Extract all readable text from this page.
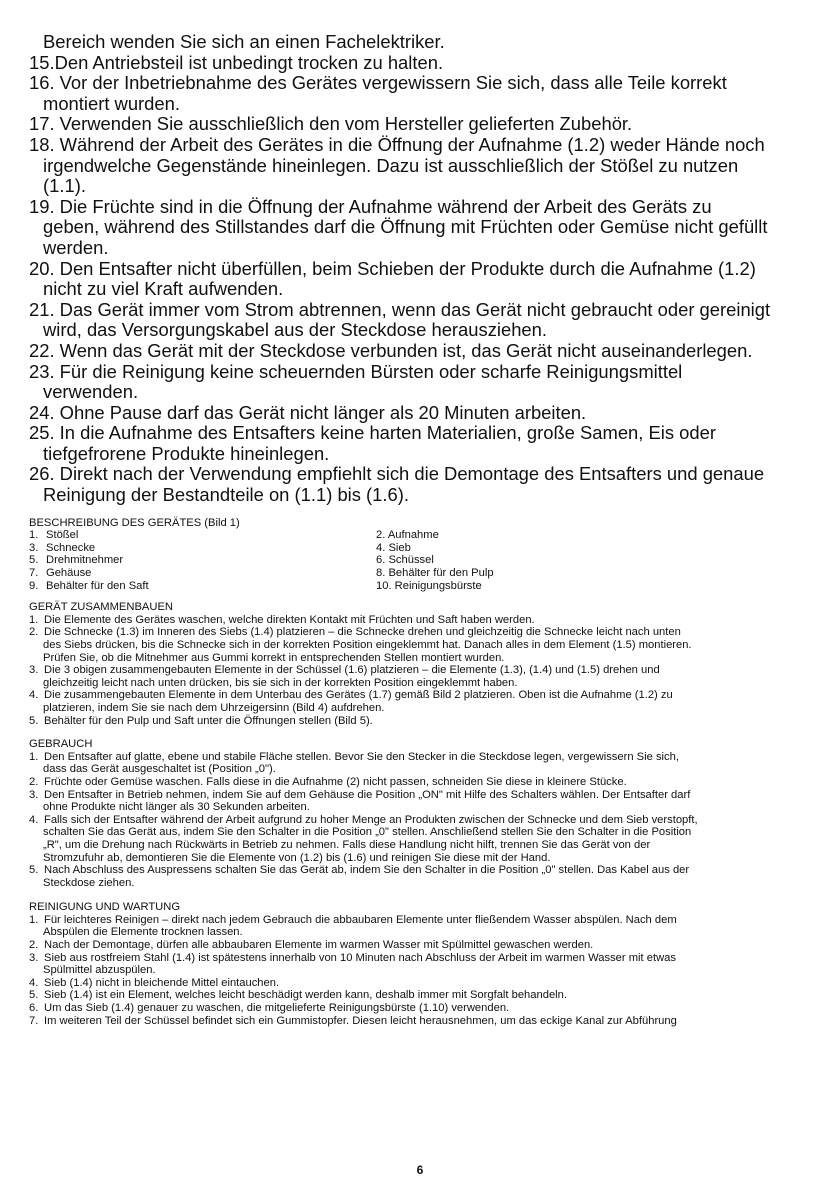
Bereich wenden Sie sich an einen Fachelektriker.

15.Den Antriebsteil ist unbedingt trocken zu halten.

16. Vor der Inbetriebnahme des Gerätes vergewissern Sie sich, dass alle Teile korrekt

montiert wurden.

17. Verwenden Sie ausschließlich den vom Hersteller gelieferten Zubehör.

18. Während der Arbeit des Gerätes in die Öffnung der Aufnahme (1.2) weder Hände noch

irgendwelche Gegenstände hineinlegen. Dazu ist ausschließlich der Stößel zu nutzen

(1.1).

19. Die Früchte sind in die Öffnung der Aufnahme während der Arbeit des Geräts zu

geben, während des Stillstandes darf die Öffnung mit Früchten oder Gemüse nicht gefüllt

werden.

20. Den Entsafter nicht überfüllen, beim Schieben der Produkte durch die Aufnahme (1.2)

nicht zu viel Kraft aufwenden.

21. Das Gerät immer vom Strom abtrennen, wenn das Gerät nicht gebraucht oder gereinigt

wird, das Versorgungskabel aus der Steckdose herausziehen.

22. Wenn das Gerät mit der Steckdose verbunden ist, das Gerät nicht auseinanderlegen.

23. Für die Reinigung keine scheuernden Bürsten oder scharfe Reinigungsmittel

verwenden.

24. Ohne Pause darf das Gerät nicht länger als 20 Minuten arbeiten.

25. In die Aufnahme des Entsafters keine harten Materialien, große Samen, Eis oder

tiefgefrorene Produkte hineinlegen.

26. Direkt nach der Verwendung empfiehlt sich die Demontage des Entsafters und genaue

Reinigung der Bestandteile on (1.1) bis (1.6).

BESCHREIBUNG DES GERÄTES (Bild 1)

1. Stößel	2. Aufnahme
3. Schnecke	4. Sieb
5. Drehmitnehmer	6. Schüssel
7. Gehäuse	8. Behälter für den Pulp
9. Behälter für den Saft	10. Reinigungsbürste

GERÄT ZUSAMMENBAUEN

1. Die Elemente des Gerätes waschen, welche direkten Kontakt mit Früchten und Saft haben werden.
2. Die Schnecke (1.3) im Inneren des Siebs (1.4) platzieren – die Schnecke drehen und gleichzeitig die Schnecke leicht nach unten

des Siebs drücken, bis die Schnecke sich in der korrekten Position eingeklemmt hat. Danach alles in dem Element (1.5) montieren.

Prüfen Sie, ob die Mitnehmer aus Gummi korrekt in entsprechenden Stellen montiert wurden.

3. Die 3 obigen zusammengebauten Elemente in der Schüssel (1.6) platzieren – die Elemente (1.3), (1.4) und (1.5) drehen und

gleichzeitig leicht nach unten drücken, bis sie sich in der korrekten Position eingeklemmt haben.

4. Die zusammengebauten Elemente in dem Unterbau des Gerätes (1.7) gemäß Bild 2 platzieren. Oben ist die Aufnahme (1.2) zu

platzieren, indem Sie sie nach dem Uhrzeigersinn (Bild 4) aufdrehen.

5. Behälter für den Pulp und Saft unter die Öffnungen stellen (Bild 5).

GEBRAUCH

1. Den Entsafter auf glatte, ebene und stabile Fläche stellen. Bevor Sie den Stecker in die Steckdose legen, vergewissern Sie sich,

dass das Gerät ausgeschaltet ist (Position „0").

2. Früchte oder Gemüse waschen. Falls diese in die Aufnahme (2) nicht passen, schneiden Sie diese in kleinere Stücke.
3. Den Entsafter in Betrieb nehmen, indem Sie auf dem Gehäuse die Position „ON" mit Hilfe des Schalters wählen. Der Entsafter darf

ohne Produkte nicht länger als 30 Sekunden arbeiten.

4. Falls sich der Entsafter während der Arbeit aufgrund zu hoher Menge an Produkten zwischen der Schnecke und dem Sieb verstopft,

schalten Sie das Gerät aus, indem Sie den Schalter in die Position „0" stellen. Anschließend stellen Sie den Schalter in die Position

„R", um die Drehung nach Rückwärts in Betrieb zu nehmen. Falls diese Handlung nicht hilft, trennen Sie das Gerät von der

Stromzufuhr ab, demontieren Sie die Elemente von (1.2) bis (1.6) und reinigen Sie diese mit der Hand.

5. Nach Abschluss des Auspressens schalten Sie das Gerät ab, indem Sie den Schalter in die Position „0" stellen. Das Kabel aus der

Steckdose ziehen.

REINIGUNG UND WARTUNG

1. Für leichteres Reinigen – direkt nach jedem Gebrauch die abbaubaren Elemente unter fließendem Wasser abspülen. Nach dem

Abspülen die Elemente trocknen lassen.

2. Nach der Demontage, dürfen alle abbaubaren Elemente im warmen Wasser mit Spülmittel gewaschen werden.
3. Sieb aus rostfreiem Stahl (1.4) ist spätestens innerhalb von 10 Minuten nach Abschluss der Arbeit im warmen Wasser mit etwas

Spülmittel abzuspülen.

4. Sieb (1.4) nicht in bleichende Mittel eintauchen.
5. Sieb (1.4) ist ein Element, welches leicht beschädigt werden kann, deshalb immer mit Sorgfalt behandeln.
6. Um das Sieb (1.4) genauer zu waschen, die mitgelieferte Reinigungsbürste (1.10) verwenden.
7. Im weiteren Teil der Schüssel befindet sich ein Gummistopfer. Diesen leicht herausnehmen, um das eckige Kanal zur Abführung
6
